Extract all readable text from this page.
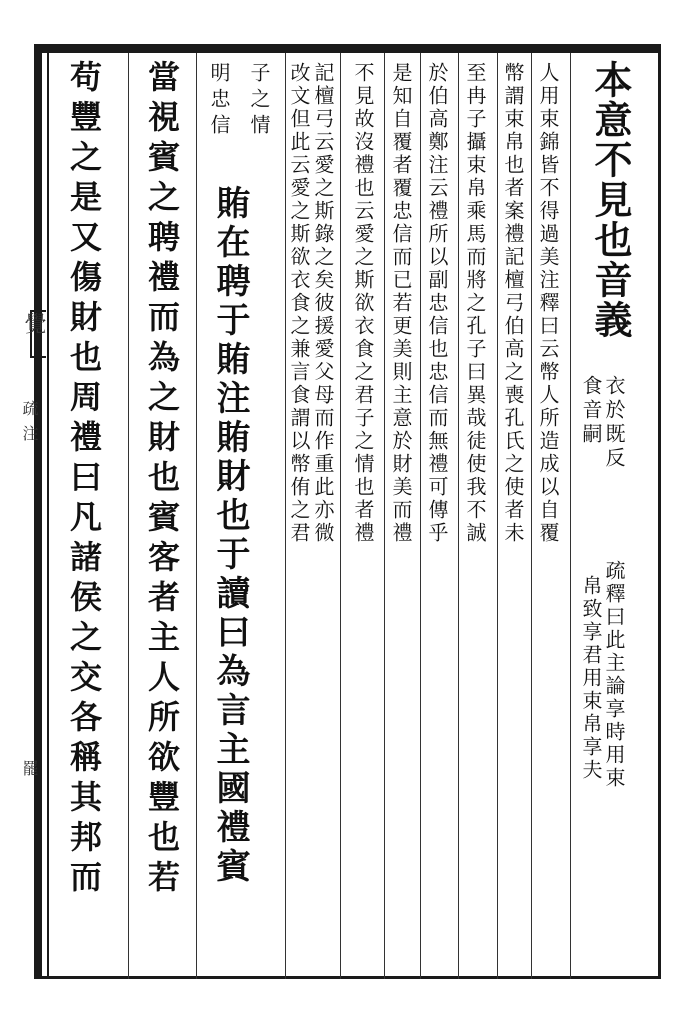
覺
疏 注
罷
本意不見也音義
衣於既反
食音嗣
疏釋曰此主論享時用束
帛致享君用束帛享夫
人用束錦皆不得過美注釋曰云幣人所造成以自覆
幣謂束帛也者案禮記檀弓伯高之喪孔氏之使者未
至冉子攝束帛乘馬而將之孔子曰異哉徒使我不誠
於伯高鄭注云禮所以副忠信也忠信而無禮可傳乎
是知自覆者覆忠信而已若更美則主意於財美而禮
不見故沒禮也云愛之斯欲衣食之君子之情也者禮
記檀弓云愛之斯錄之矣彼援愛父母而作重此亦微
改文但此云愛之斯欲衣食之兼言食謂以幣侑之君
子之情
明忠信
賄在聘于賄注賄財也于讀曰為言主國禮賓
當視賓之聘禮而為之財也賓客者主人所欲豐也若
苟豐之是又傷財也周禮曰凡諸侯之交各稱其邦而
